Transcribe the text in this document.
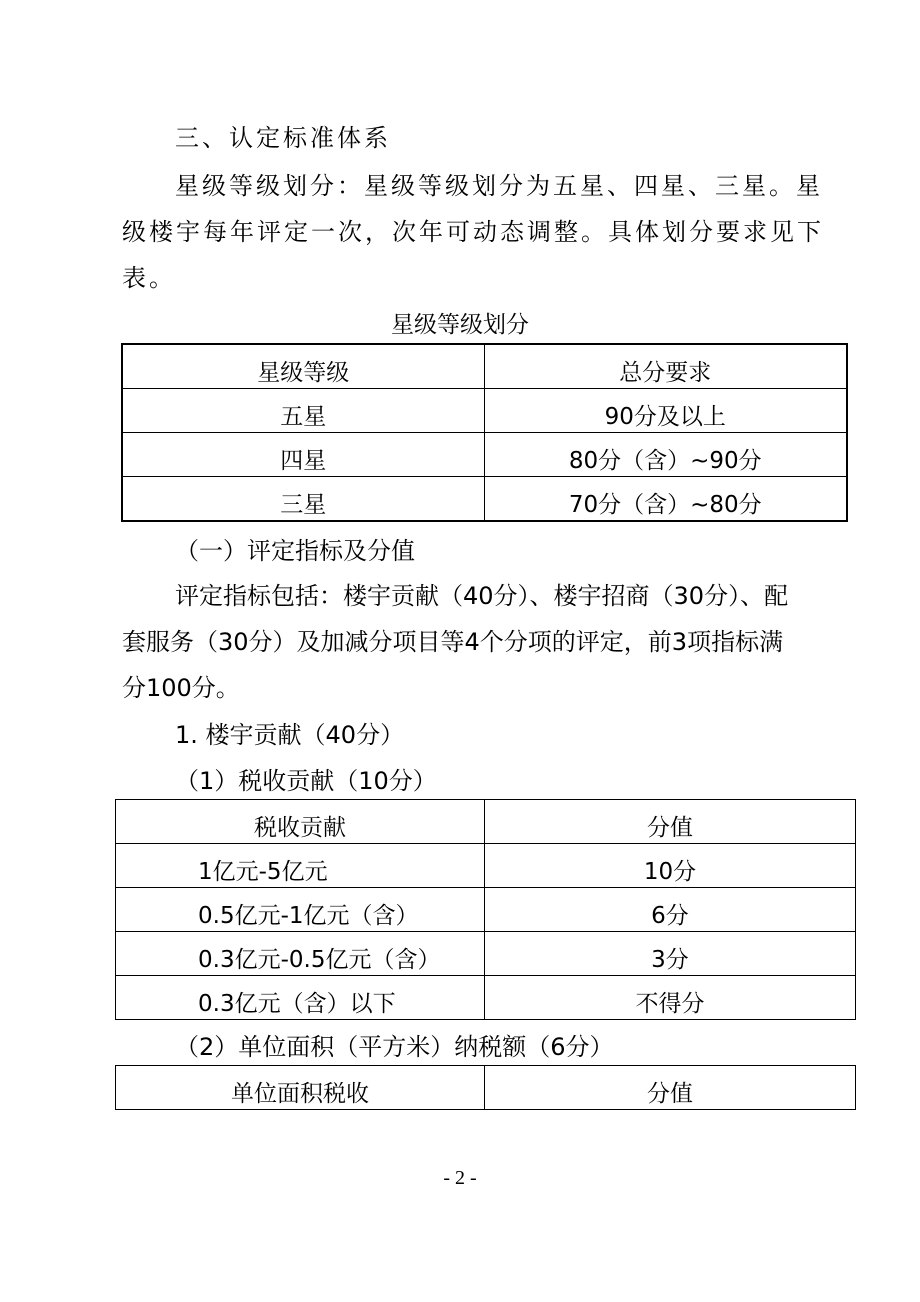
三、认定标准体系

星级等级划分：星级等级划分为五星、四星、三星。星

级楼宇每年评定一次，次年可动态调整。具体划分要求见下

表。

星级等级划分
星级等级	总分要求
五星	90分及以上
四星	80分（含）~90分
三星	70分（含）~80分

（一）评定指标及分值

评定指标包括：楼宇贡献（40分）、楼宇招商（30分）、配

套服务（30分）及加减分项目等4个分项的评定，前3项指标满

分100分。

1. 楼宇贡献（40分）

（1）税收贡献（10分）

税收贡献	分值
1亿元-5亿元	10分
0.5亿元-1亿元（含）	6分
0.3亿元-0.5亿元（含）	3分
0.3亿元（含）以下	不得分

（2）单位面积（平方米）纳税额（6分）

单位面积税收	分值
- 2 -
